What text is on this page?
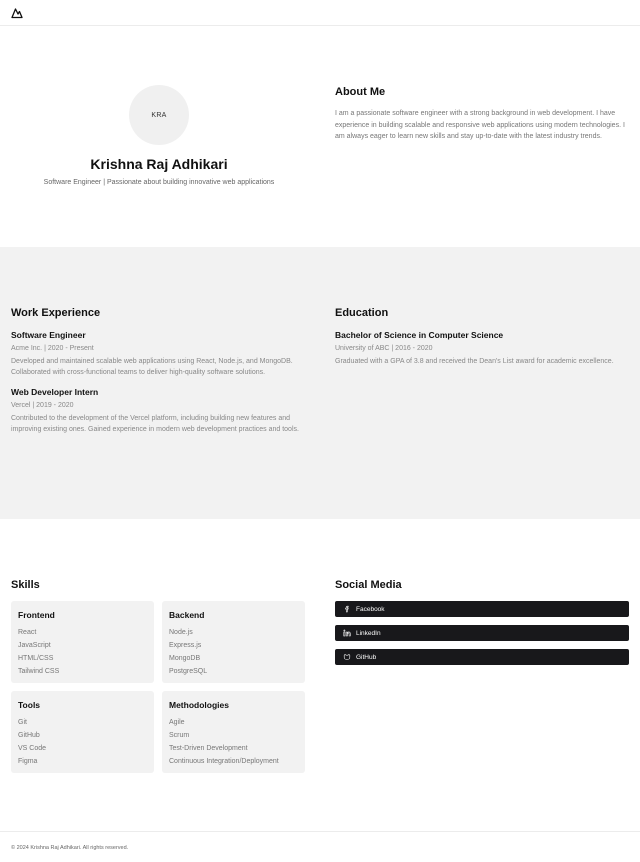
KRA
Krishna Raj Adhikari
Software Engineer | Passionate about building innovative web applications
About Me

I am a passionate software engineer with a strong background in web development. I have experience in building scalable and responsive web applications using modern technologies. I am always eager to learn new skills and stay up-to-date with the latest industry trends.

Work Experience
Software Engineer
Acme Inc. | 2020 - Present
Developed and maintained scalable web applications using React, Node.js, and MongoDB. Collaborated with cross-functional teams to deliver high-quality software solutions.
Web Developer Intern
Vercel | 2019 - 2020
Contributed to the development of the Vercel platform, including building new features and improving existing ones. Gained experience in modern web development practices and tools.
Education
Bachelor of Science in Computer Science
University of ABC | 2016 - 2020
Graduated with a GPA of 3.8 and received the Dean's List award for academic excellence.
Skills
Frontend
React
JavaScript
HTML/CSS
Tailwind CSS
Backend
Node.js
Express.js
MongoDB
PostgreSQL
Tools
Git
GitHub
VS Code
Figma
Methodologies
Agile
Scrum
Test-Driven Development
Continuous Integration/Deployment
Social Media
Facebook
LinkedIn
GitHub
© 2024 Krishna Raj Adhikari. All rights reserved.
